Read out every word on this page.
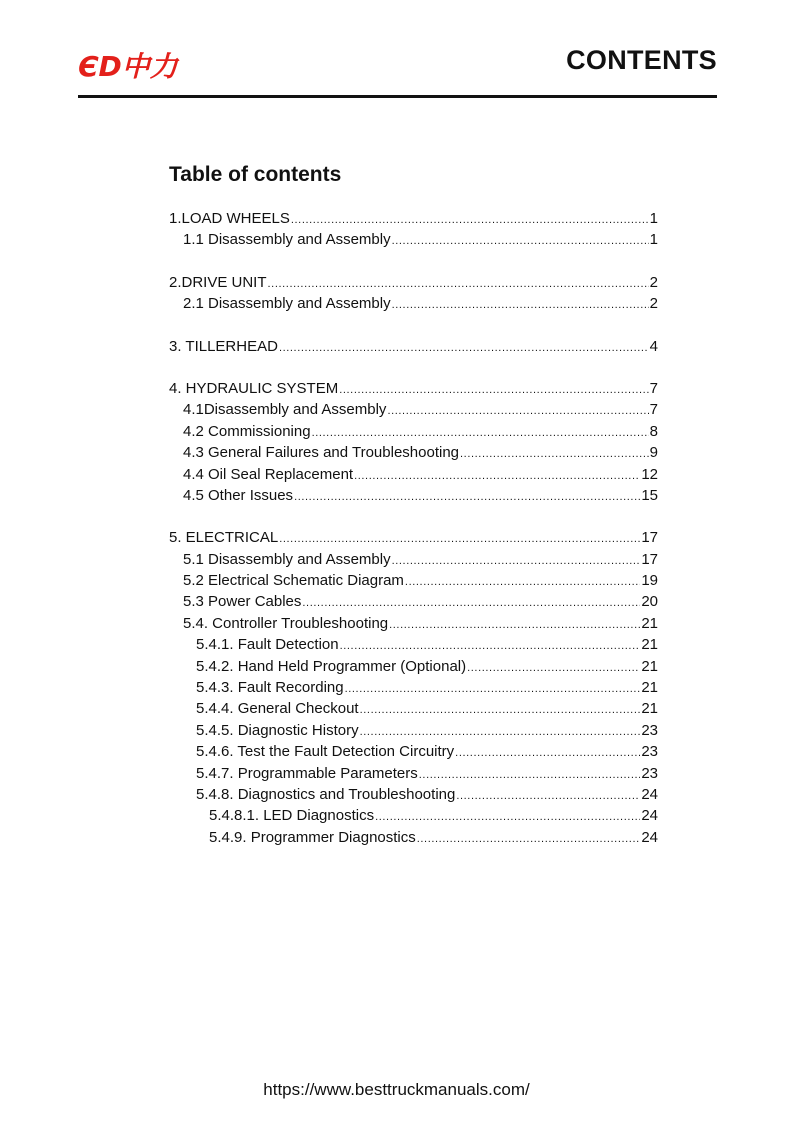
ЄD中力	CONTENTS
Table of contents
1.LOAD WHEELS .....	1
1.1 Disassembly and Assembly .....	1
2.DRIVE UNIT .....	2
2.1 Disassembly and Assembly .....	2
3. TILLERHEAD .....	4
4. HYDRAULIC SYSTEM .....	7
4.1Disassembly and Assembly .....	7
4.2 Commissioning .....	8
4.3 General Failures and Troubleshooting .....	9
4.4 Oil Seal Replacement .....	12
4.5 Other Issues .....	15
5. ELECTRICAL .....	17
5.1 Disassembly and Assembly .....	17
5.2 Electrical Schematic Diagram .....	19
5.3 Power Cables .....	20
5.4. Controller Troubleshooting .....	21
5.4.1. Fault Detection .....	21
5.4.2. Hand Held Programmer (Optional) .....	21
5.4.3. Fault Recording .....	21
5.4.4. General Checkout .....	21
5.4.5. Diagnostic History .....	23
5.4.6. Test the Fault Detection Circuitry .....	23
5.4.7. Programmable Parameters .....	23
5.4.8. Diagnostics and Troubleshooting .....	24
5.4.8.1. LED Diagnostics .....	24
5.4.9. Programmer Diagnostics .....	24
https://www.besttruckmanuals.com/
